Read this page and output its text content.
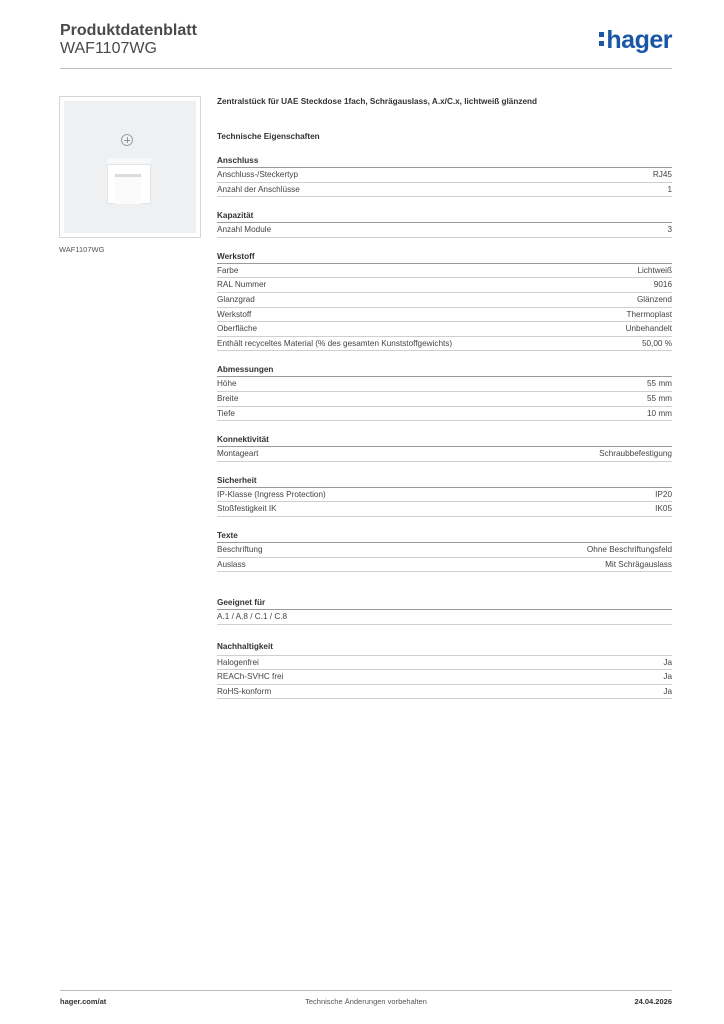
Produktdatenblatt
WAF1107WG	hager
WAF1107WG
Zentralstück für UAE Steckdose 1fach, Schrägauslass, A.x/C.x, lichtweiß glänzend
Technische Eigenschaften
Anschluss
Anschluss-/Steckertyp	RJ45
Anzahl der Anschlüsse	1
Kapazität
Anzahl Module	3
Werkstoff
Farbe	Lichtweiß
RAL Nummer	9016
Glanzgrad	Glänzend
Werkstoff	Thermoplast
Oberfläche	Unbehandelt
Enthält recyceltes Material (% des gesamten Kunststoffgewichts)	50,00 %
Abmessungen
Höhe	55 mm
Breite	55 mm
Tiefe	10 mm
Konnektivität
Montageart	Schraubbefestigung
Sicherheit
IP-Klasse (Ingress Protection)	IP20
Stoßfestigkeit IK	IK05
Texte
Beschriftung	Ohne Beschriftungsfeld
Auslass	Mit Schrägauslass
Geeignet für
A.1 / A.8 / C.1 / C.8
Nachhaltigkeit
Halogenfrei	Ja
REACh-SVHC frei	Ja
RoHS-konform	Ja
hager.com/at	Technische Änderungen vorbehalten	24.04.2026
